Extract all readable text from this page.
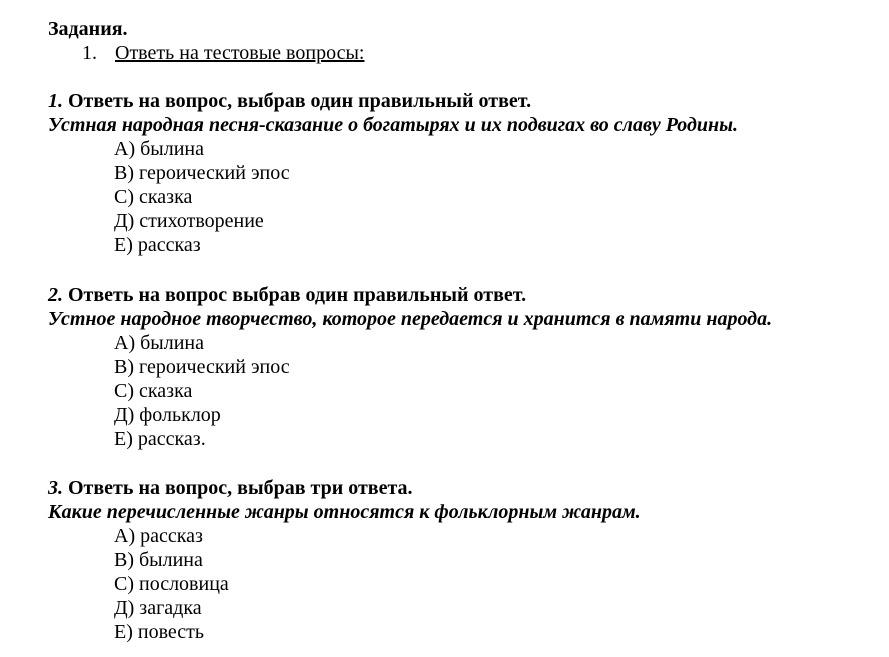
Задания.
1. Ответь на тестовые вопросы:
1. Ответь на вопрос, выбрав один правильный ответ.
Устная народная песня-сказание о богатырях и их подвигах во славу Родины.
А) былина
В) героический эпос
С) сказка
Д) стихотворение
Е) рассказ
2. Ответь на вопрос выбрав один правильный ответ.
Устное народное творчество, которое передается и хранится в памяти народа.
А) былина
В) героический эпос
С) сказка
Д) фольклор
Е) рассказ.
3. Ответь на вопрос, выбрав три ответа.
Какие перечисленные жанры относятся к фольклорным жанрам.
А) рассказ
В) былина
С) пословица
Д) загадка
Е) повесть
